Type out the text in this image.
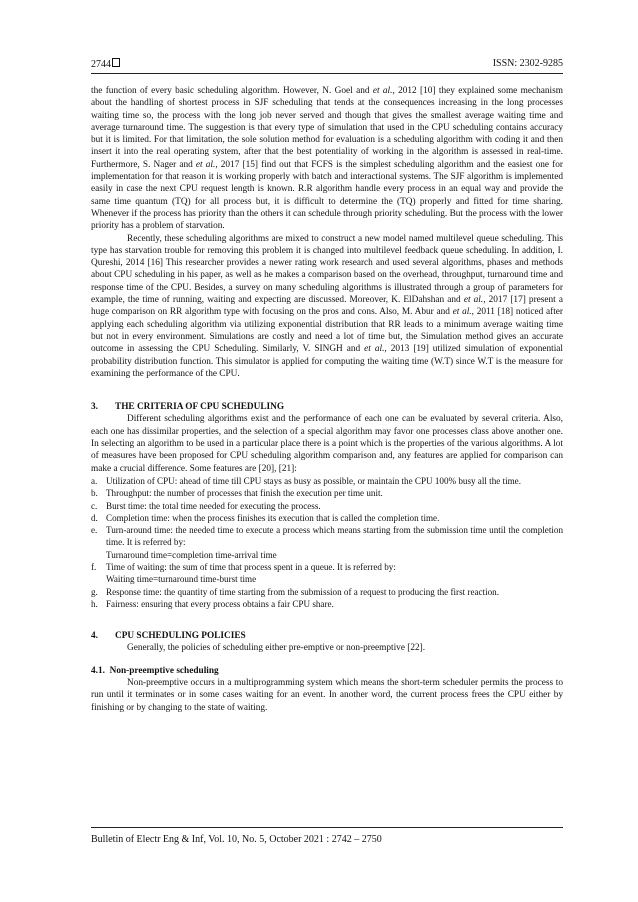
2744	ISSN: 2302-9285

the function of every basic scheduling algorithm. However, N. Goel and et al., 2012 [10] they explained some mechanism about the handling of shortest process in SJF scheduling that tends at the consequences increasing in the long processes waiting time so, the process with the long job never served and though that gives the smallest average waiting time and average turnaround time. The suggestion is that every type of simulation that used in the CPU scheduling contains accuracy but it is limited. For that limitation, the sole solution method for evaluation is a scheduling algorithm with coding it and then insert it into the real operating system, after that the best potentiality of working in the algorithm is assessed in real-time. Furthermore, S. Nager and et al., 2017 [15] find out that FCFS is the simplest scheduling algorithm and the easiest one for implementation for that reason it is working properly with batch and interactional systems. The SJF algorithm is implemented easily in case the next CPU request length is known. R.R algorithm handle every process in an equal way and provide the same time quantum (TQ) for all process but, it is difficult to determine the (TQ) properly and fitted for time sharing. Whenever if the process has priority than the others it can schedule through priority scheduling. But the process with the lower priority has a problem of starvation.

Recently, these scheduling algorithms are mixed to construct a new model named multilevel queue scheduling. This type has starvation trouble for removing this problem it is changed into multilevel feedback queue scheduling. In addition, I. Qureshi, 2014 [16] This researcher provides a newer rating work research and used several algorithms, phases and methods about CPU scheduling in his paper, as well as he makes a comparison based on the overhead, throughput, turnaround time and response time of the CPU. Besides, a survey on many scheduling algorithms is illustrated through a group of parameters for example, the time of running, waiting and expecting are discussed. Moreover, K. ElDahshan and et al., 2017 [17] present a huge comparison on RR algorithm type with focusing on the pros and cons. Also, M. Abur and et al., 2011 [18] noticed after applying each scheduling algorithm via utilizing exponential distribution that RR leads to a minimum average waiting time but not in every environment. Simulations are costly and need a lot of time but, the Simulation method gives an accurate outcome in assessing the CPU Scheduling. Similarly, V. SINGH and et al., 2013 [19] utilized simulation of exponential probability distribution function. This simulator is applied for computing the waiting time (W.T) since W.T is the measure for examining the performance of the CPU.

3. THE CRITERIA OF CPU SCHEDULING

Different scheduling algorithms exist and the performance of each one can be evaluated by several criteria. Also, each one has dissimilar properties, and the selection of a special algorithm may favor one processes class above another one. In selecting an algorithm to be used in a particular place there is a point which is the properties of the various algorithms. A lot of measures have been proposed for CPU scheduling algorithm comparison and, any features are applied for comparison can make a crucial difference. Some features are [20], [21]:

a. Utilization of CPU: ahead of time till CPU stays as busy as possible, or maintain the CPU 100% busy all the time.
b. Throughput: the number of processes that finish the execution per time unit.
c. Burst time: the total time needed for executing the process.
d. Completion time: when the process finishes its execution that is called the completion time.
e. Turn-around time: the needed time to execute a process which means starting from the submission time until the completion time. It is referred by:
Turnaround time=completion time-arrival time
f. Time of waiting: the sum of time that process spent in a queue. It is referred by:
Waiting time=turnaround time-burst time
g. Response time: the quantity of time starting from the submission of a request to producing the first reaction.
h. Fairness: ensuring that every process obtains a fair CPU share.
4. CPU SCHEDULING POLICIES

Generally, the policies of scheduling either pre-emptive or non-preemptive [22].

4.1. Non-preemptive scheduling

Non-preemptive occurs in a multiprogramming system which means the short-term scheduler permits the process to run until it terminates or in some cases waiting for an event. In another word, the current process frees the CPU either by finishing or by changing to the state of waiting.

Bulletin of Electr Eng & Inf, Vol. 10, No. 5, October 2021 : 2742 – 2750
